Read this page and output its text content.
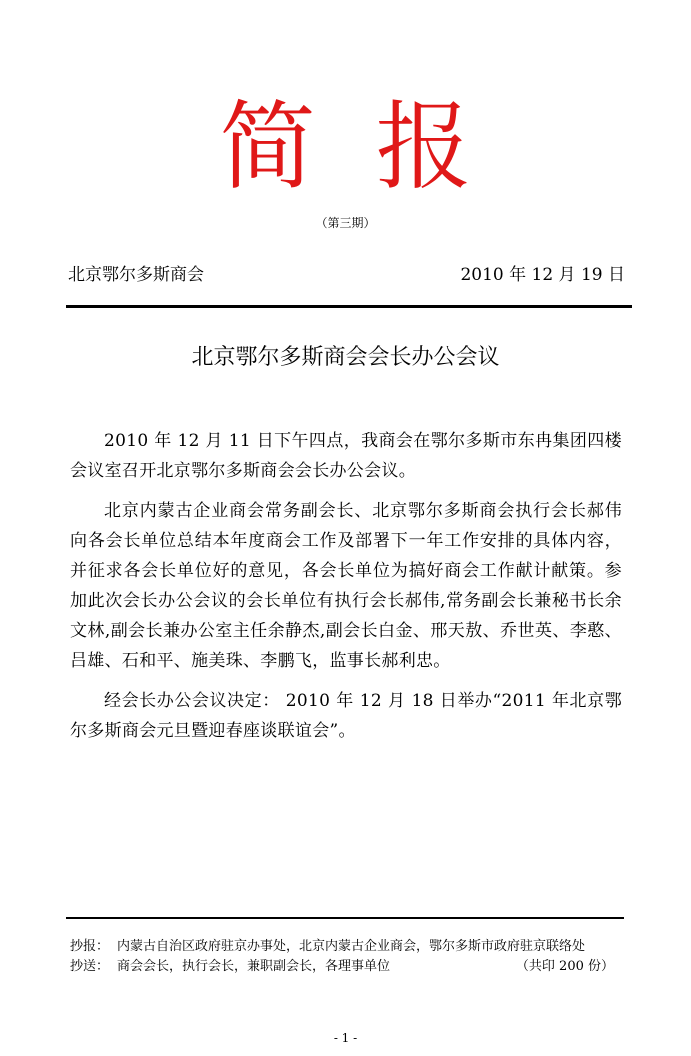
简报
（第三期）
北京鄂尔多斯商会	2010 年 12 月 19 日
北京鄂尔多斯商会会长办公会议

2010 年 12 月 11 日下午四点，我商会在鄂尔多斯市东冉集团四楼会议室召开北京鄂尔多斯商会会长办公会议。

北京内蒙古企业商会常务副会长、北京鄂尔多斯商会执行会长郝伟向各会长单位总结本年度商会工作及部署下一年工作安排的具体内容，并征求各会长单位好的意见，各会长单位为搞好商会工作献计献策。参加此次会长办公会议的会长单位有执行会长郝伟,常务副会长兼秘书长余文林,副会长兼办公室主任余静杰,副会长白金、邢天敖、乔世英、李憨、吕雄、石和平、施美珠、李鹏飞，监事长郝利忠。

经会长办公会议决定： 2010 年 12 月 18 日举办“2011 年北京鄂尔多斯商会元旦暨迎春座谈联谊会”。

抄报： 内蒙古自治区政府驻京办事处，北京内蒙古企业商会，鄂尔多斯市政府驻京联络处
抄送： 商会会长，执行会长，兼职副会长，各理事单位	（共印 200 份）
- 1 -
